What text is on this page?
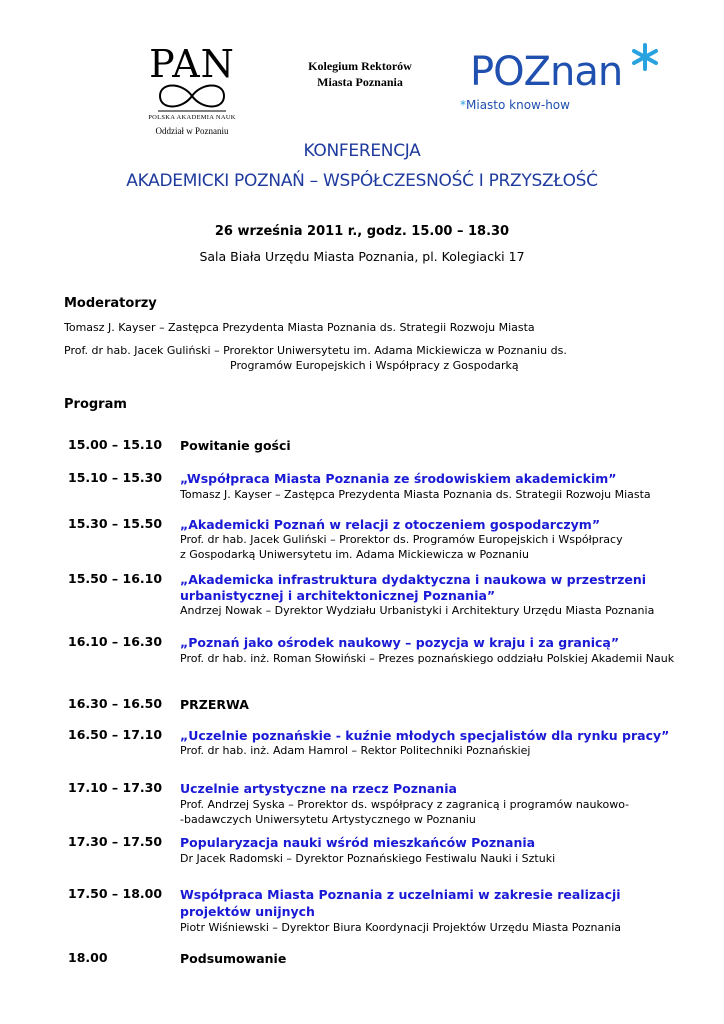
PAN
POLSKA AKADEMIA NAUK
Oddział w Poznaniu
Kolegium Rektorów
Miasta Poznania	POZnan
*Miasto know-how
KONFERENCJA
AKADEMICKI POZNAŃ – WSPÓŁCZESNOŚĆ I PRZYSZŁOŚĆ
26 września 2011 r., godz. 15.00 – 18.30
Sala Biała Urzędu Miasta Poznania, pl. Kolegiacki 17
Moderatorzy
Tomasz J. Kayser – Zastępca Prezydenta Miasta Poznania ds. Strategii Rozwoju Miasta
Prof. dr hab. Jacek Guliński – Prorektor Uniwersytetu im. Adama Mickiewicza w Poznaniu ds.
Programów Europejskich i Współpracy z Gospodarką
Program
15.00 – 15.10 Powitanie gości
15.10 – 15.30 „Współpraca Miasta Poznania ze środowiskiem akademickim”
Tomasz J. Kayser – Zastępca Prezydenta Miasta Poznania ds. Strategii Rozwoju Miasta
15.30 – 15.50 „Akademicki Poznań w relacji z otoczeniem gospodarczym”
Prof. dr hab. Jacek Guliński – Prorektor ds. Programów Europejskich i Współpracy
z Gospodarką Uniwersytetu im. Adama Mickiewicza w Poznaniu
15.50 – 16.10 „Akademicka infrastruktura dydaktyczna i naukowa w przestrzeni
urbanistycznej i architektonicznej Poznania”
Andrzej Nowak – Dyrektor Wydziału Urbanistyki i Architektury Urzędu Miasta Poznania
16.10 – 16.30 „Poznań jako ośrodek naukowy – pozycja w kraju i za granicą”
Prof. dr hab. inż. Roman Słowiński – Prezes poznańskiego oddziału Polskiej Akademii Nauk
16.30 – 16.50 PRZERWA
16.50 – 17.10 „Uczelnie poznańskie - kuźnie młodych specjalistów dla rynku pracy”
Prof. dr hab. inż. Adam Hamrol – Rektor Politechniki Poznańskiej
17.10 – 17.30 Uczelnie artystyczne na rzecz Poznania
Prof. Andrzej Syska – Prorektor ds. współpracy z zagranicą i programów naukowo-
-badawczych Uniwersytetu Artystycznego w Poznaniu
17.30 – 17.50 Popularyzacja nauki wśród mieszkańców Poznania
Dr Jacek Radomski – Dyrektor Poznańskiego Festiwalu Nauki i Sztuki
17.50 – 18.00 Współpraca Miasta Poznania z uczelniami w zakresie realizacji
projektów unijnych
Piotr Wiśniewski – Dyrektor Biura Koordynacji Projektów Urzędu Miasta Poznania
18.00	Podsumowanie
